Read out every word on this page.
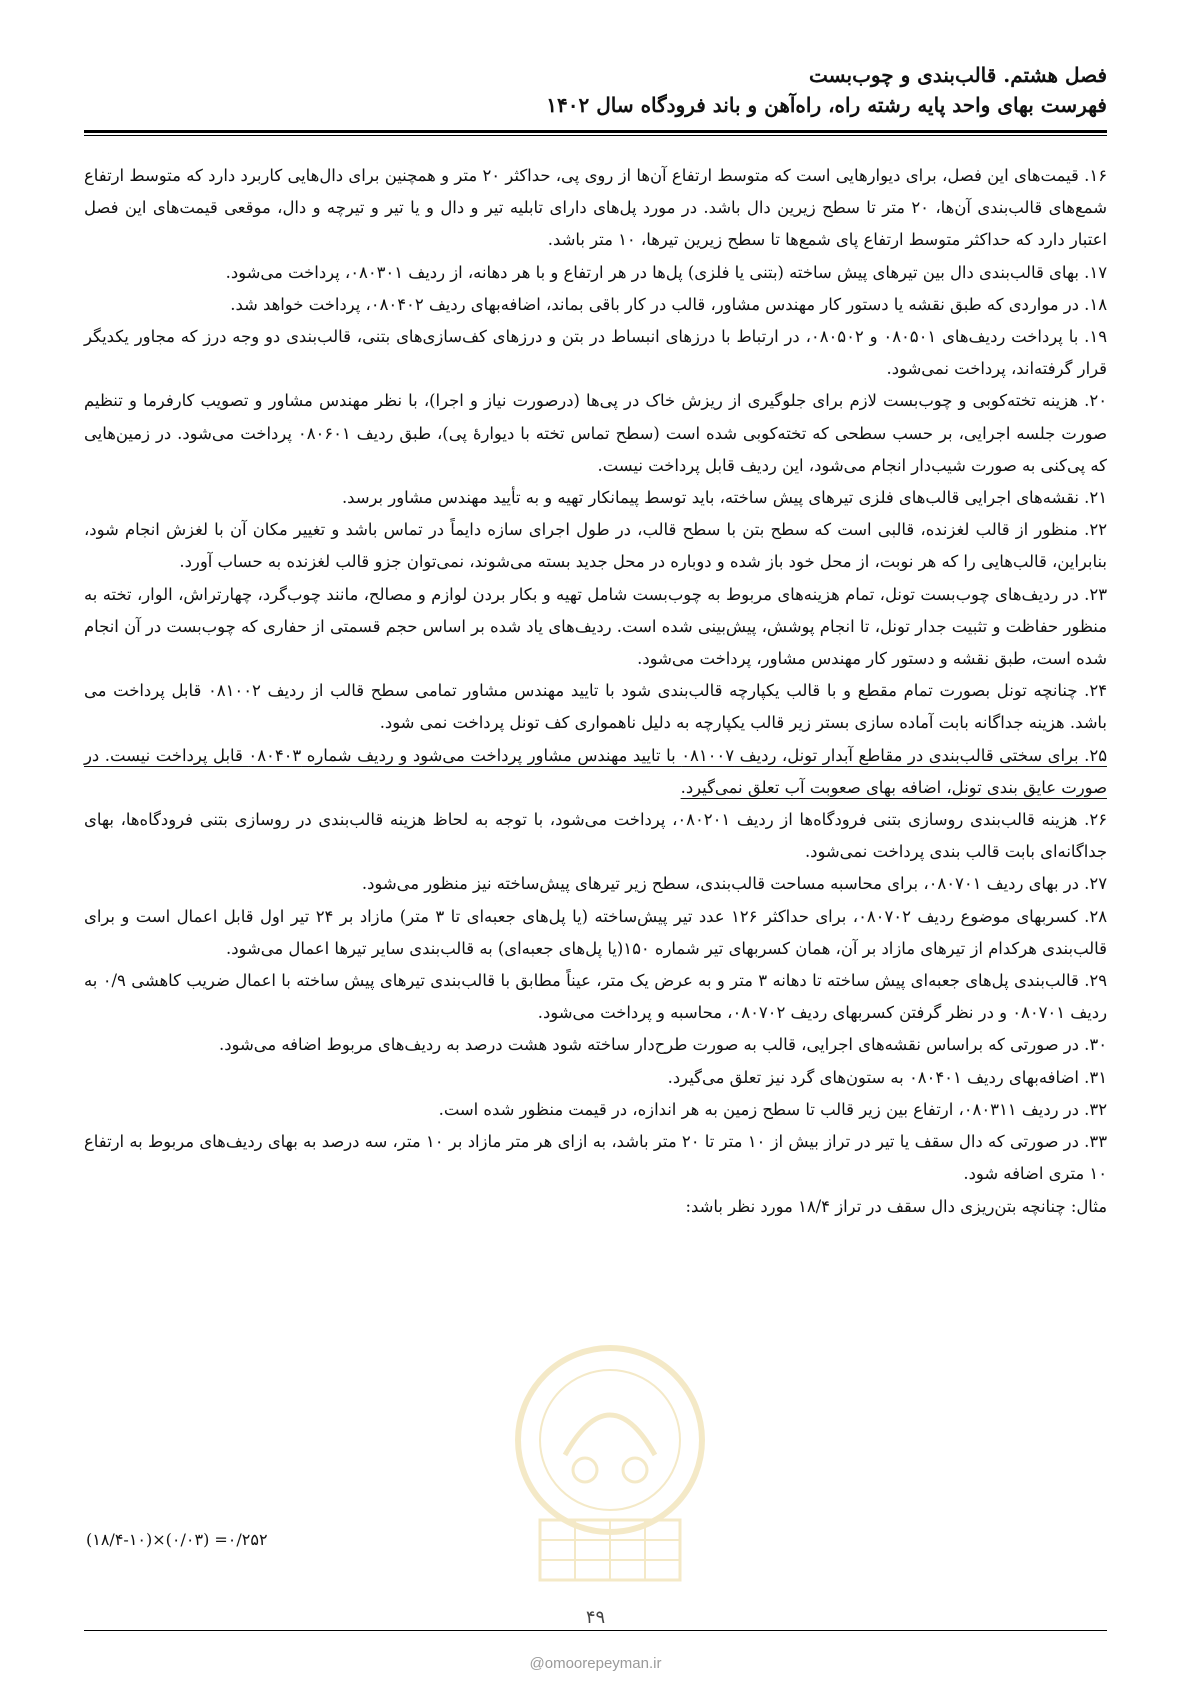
فصل هشتم. قالب‌بندی و چوب‌بست
فهرست بهای واحد پایه رشته راه، راه‌آهن و باند فرودگاه سال ۱۴۰۲

۱۶. قیمت‌های این فصل، برای دیوارهایی است که متوسط ارتفاع آن‌ها از روی پی، حداکثر ۲۰ متر و همچنین برای دال‌هایی کاربرد دارد که متوسط ارتفاع شمع‌های قالب‌بندی آن‌ها، ۲۰ متر تا سطح زیرین دال باشد. در مورد پل‌های دارای تابلیه تیر و دال و یا تیر و تیرچه و دال، موقعی قیمت‌های این فصل اعتبار دارد که حداکثر متوسط ارتفاع پای شمع‌ها تا سطح زیرین تیرها، ۱۰ متر باشد.

۱۷. بهای قالب‌بندی دال بین تیرهای پیش ساخته (بتنی یا فلزی) پل‌ها در هر ارتفاع و با هر دهانه، از ردیف ۰۸۰۳۰۱، پرداخت می‌شود.

۱۸. در مواردی که طبق نقشه یا دستور کار مهندس مشاور، قالب در کار باقی بماند، اضافه‌بهای ردیف ۰۸۰۴۰۲، پرداخت خواهد شد.

۱۹. با پرداخت ردیف‌های ۰۸۰۵۰۱ و ۰۸۰۵۰۲، در ارتباط با درزهای انبساط در بتن و درزهای کف‌سازی‌های بتنی، قالب‌بندی دو وجه درز که مجاور یکدیگر قرار گرفته‌اند، پرداخت نمی‌شود.

۲۰. هزینه تخته‌کوبی و چوب‌بست لازم برای جلوگیری از ریزش خاک در پی‌ها (درصورت نیاز و اجرا)، با نظر مهندس مشاور و تصویب کارفرما و تنظیم صورت جلسه اجرایی، بر حسب سطحی که تخته‌کوبی شده است (سطح تماس تخته با دیوارهٔ پی)، طبق ردیف ۰۸۰۶۰۱ پرداخت می‌شود. در زمین‌هایی که پی‌کنی به صورت شیب‌دار انجام می‌شود، این ردیف قابل پرداخت نیست.

۲۱. نقشه‌های اجرایی قالب‌های فلزی تیرهای پیش ساخته، باید توسط پیمانکار تهیه و به تأیید مهندس مشاور برسد.

۲۲. منظور از قالب لغزنده، قالبی است که سطح بتن با سطح قالب، در طول اجرای سازه دایماً در تماس باشد و تغییر مکان آن با لغزش انجام شود، بنابراین، قالب‌هایی را که هر نوبت، از محل خود باز شده و دوباره در محل جدید بسته می‌شوند، نمی‌توان جزو قالب لغزنده به حساب آورد.

۲۳. در ردیف‌های چوب‌بست تونل، تمام هزینه‌های مربوط به چوب‌بست شامل تهیه و بکار بردن لوازم و مصالح، مانند چوب‌گرد، چهارتراش، الوار، تخته به منظور حفاظت و تثبیت جدار تونل، تا انجام پوشش، پیش‌بینی شده است. ردیف‌های یاد شده بر اساس حجم قسمتی از حفاری که چوب‌بست در آن انجام شده است، طبق نقشه و دستور کار مهندس مشاور، پرداخت می‌شود.

۲۴. چنانچه تونل بصورت تمام مقطع و با قالب یکپارچه قالب‌بندی شود با تایید مهندس مشاور تمامی سطح قالب از ردیف ۰۸۱۰۰۲ قابل پرداخت می باشد. هزینه جداگانه بابت آماده سازی بستر زیر قالب یکپارچه به دلیل ناهمواری کف تونل پرداخت نمی شود.

۲۵. برای سختی قالب‌بندی در مقاطع آبدار تونل، ردیف ۰۸۱۰۰۷ با تایید مهندس مشاور پرداخت می‌شود و ردیف شماره ۰۸۰۴۰۳ قابل پرداخت نیست. در صورت عایق بندی تونل، اضافه بهای صعوبت آب تعلق نمی‌گیرد.

۲۶. هزینه قالب‌بندی روسازی بتنی فرودگاه‌ها از ردیف ۰۸۰۲۰۱، پرداخت می‌شود، با توجه به لحاظ هزینه قالب‌بندی در روسازی بتنی فرودگاه‌ها، بهای جداگانه‌ای بابت قالب بندی پرداخت نمی‌شود.

۲۷. در بهای ردیف ۰۸۰۷۰۱، برای محاسبه مساحت قالب‌بندی، سطح زیر تیرهای پیش‌ساخته نیز منظور می‌شود.

۲۸. کسربهای موضوع ردیف ۰۸۰۷۰۲، برای حداکثر ۱۲۶ عدد تیر پیش‌ساخته (یا پل‌های جعبه‌ای تا ۳ متر) مازاد بر ۲۴ تیر اول قابل اعمال است و برای قالب‌بندی هرکدام از تیرهای مازاد بر آن، همان کسربهای تیر شماره ۱۵۰(یا پل‌های جعبه‌ای) به قالب‌بندی سایر تیرها اعمال می‌شود.

۲۹. قالب‌بندی پل‌های جعبه‌ای پیش ساخته تا دهانه ۳ متر و به عرض یک متر، عیناً مطابق با قالب‌بندی تیرهای پیش ساخته با اعمال ضریب کاهشی ۰/۹ به ردیف ۰۸۰۷۰۱ و در نظر گرفتن کسربهای ردیف ۰۸۰۷۰۲، محاسبه و پرداخت می‌شود.

۳۰. در صورتی که براساس نقشه‌های اجرایی، قالب به صورت طرح‌دار ساخته شود هشت درصد به ردیف‌های مربوط اضافه می‌شود.

۳۱. اضافه‌بهای ردیف ۰۸۰۴۰۱ به ستون‌های گرد نیز تعلق می‌گیرد.

۳۲. در ردیف ۰۸۰۳۱۱، ارتفاع بین زیر قالب تا سطح زمین به هر اندازه، در قیمت منظور شده است.

۳۳. در صورتی که دال سقف یا تیر در تراز بیش از ۱۰ متر تا ۲۰ متر باشد، به ازای هر متر مازاد بر ۱۰ متر، سه درصد به بهای ردیف‌های مربوط به ارتفاع ۱۰ متری اضافه شود.

مثال: چنانچه بتن‌ریزی دال سقف در تراز ۱۸/۴ مورد نظر باشد:

(۱۸/۴-۱۰)×(۰/۰۳) =۰/۲۵۲
۴۹
@omoorepeyman.ir
